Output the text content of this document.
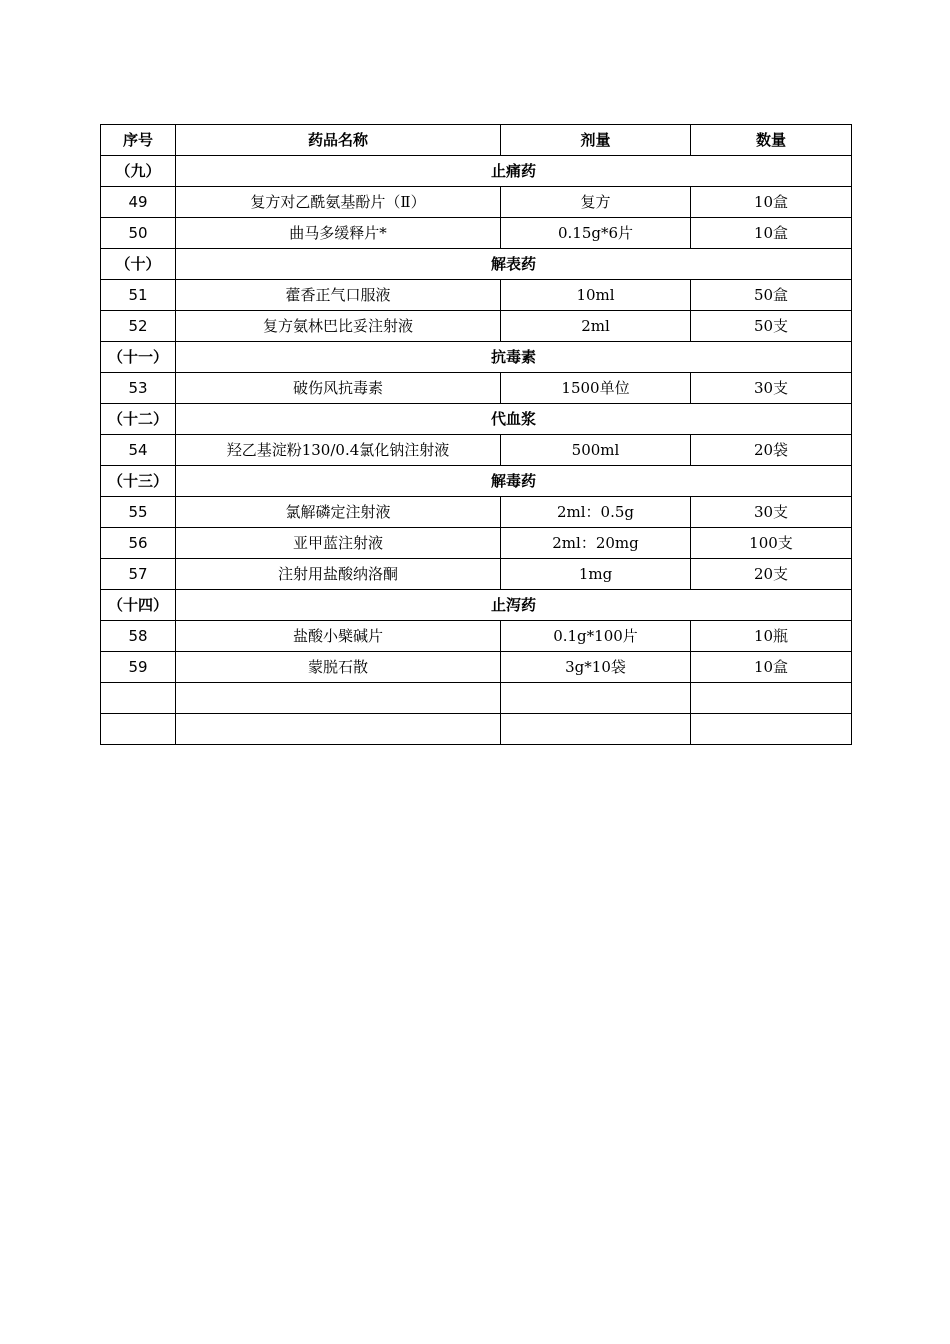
序号	药品名称	剂量	数量
（九）	止痛药		
49	复方对乙酰氨基酚片（Ⅱ）	复方	10盒
50	曲马多缓释片*	0.15g*6片	10盒
（十）	解表药		
51	藿香正气口服液	10ml	50盒
52	复方氨林巴比妥注射液	2ml	50支
（十一）	抗毒素		
53	破伤风抗毒素	1500单位	30支
（十二）	代血浆		
54	羟乙基淀粉130/0.4氯化钠注射液	500ml	20袋
（十三）	解毒药		
55	氯解磷定注射液	2ml：0.5g	30支
56	亚甲蓝注射液	2ml：20mg	100支
57	注射用盐酸纳洛酮	1mg	20支
（十四）	止泻药		
58	盐酸小檗碱片	0.1g*100片	10瓶
59	蒙脱石散	3g*10袋	10盒
